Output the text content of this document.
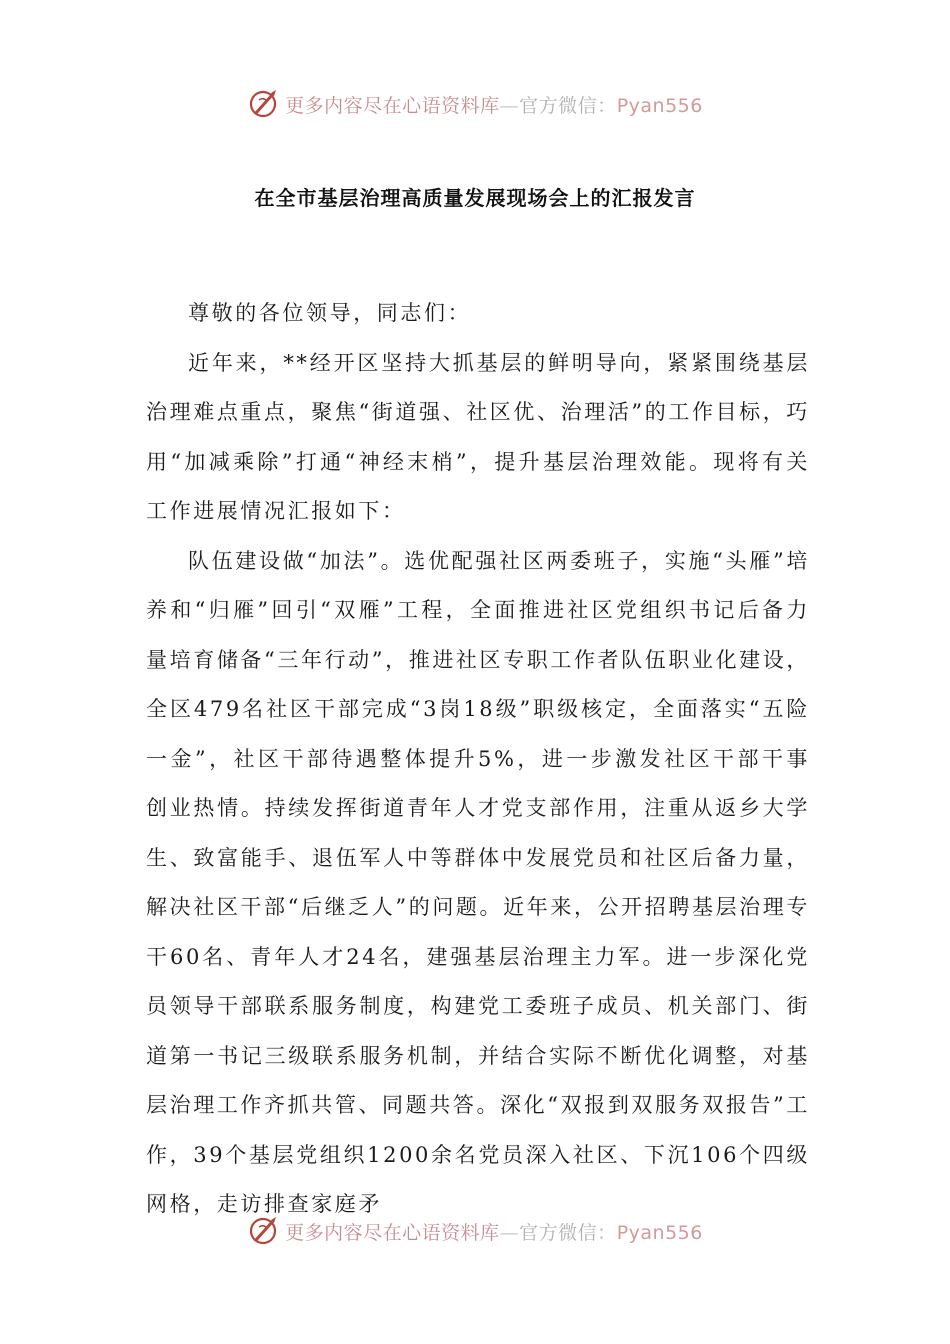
更多内容尽在心语资料库—官方微信：Pyan556
在全市基层治理高质量发展现场会上的汇报发言

尊敬的各位领导，同志们：

近年来，**经开区坚持大抓基层的鲜明导向，紧紧围绕基层治理难点重点，聚焦“街道强、社区优、治理活”的工作目标，巧用“加减乘除”打通“神经末梢”，提升基层治理效能。现将有关工作进展情况汇报如下：

队伍建设做“加法”。选优配强社区两委班子，实施“头雁”培养和“归雁”回引“双雁”工程，全面推进社区党组织书记后备力量培育储备“三年行动”，推进社区专职工作者队伍职业化建设，全区479名社区干部完成“3岗18级”职级核定，全面落实“五险一金”，社区干部待遇整体提升5%，进一步激发社区干部干事创业热情。持续发挥街道青年人才党支部作用，注重从返乡大学生、致富能手、退伍军人中等群体中发展党员和社区后备力量，解决社区干部“后继乏人”的问题。近年来，公开招聘基层治理专干60名、青年人才24名，建强基层治理主力军。进一步深化党员领导干部联系服务制度，构建党工委班子成员、机关部门、街道第一书记三级联系服务机制，并结合实际不断优化调整，对基层治理工作齐抓共管、同题共答。深化“双报到双服务双报告”工作，39个基层党组织1200余名党员深入社区、下沉106个四级网格，走访排查家庭矛

更多内容尽在心语资料库—官方微信：Pyan556
